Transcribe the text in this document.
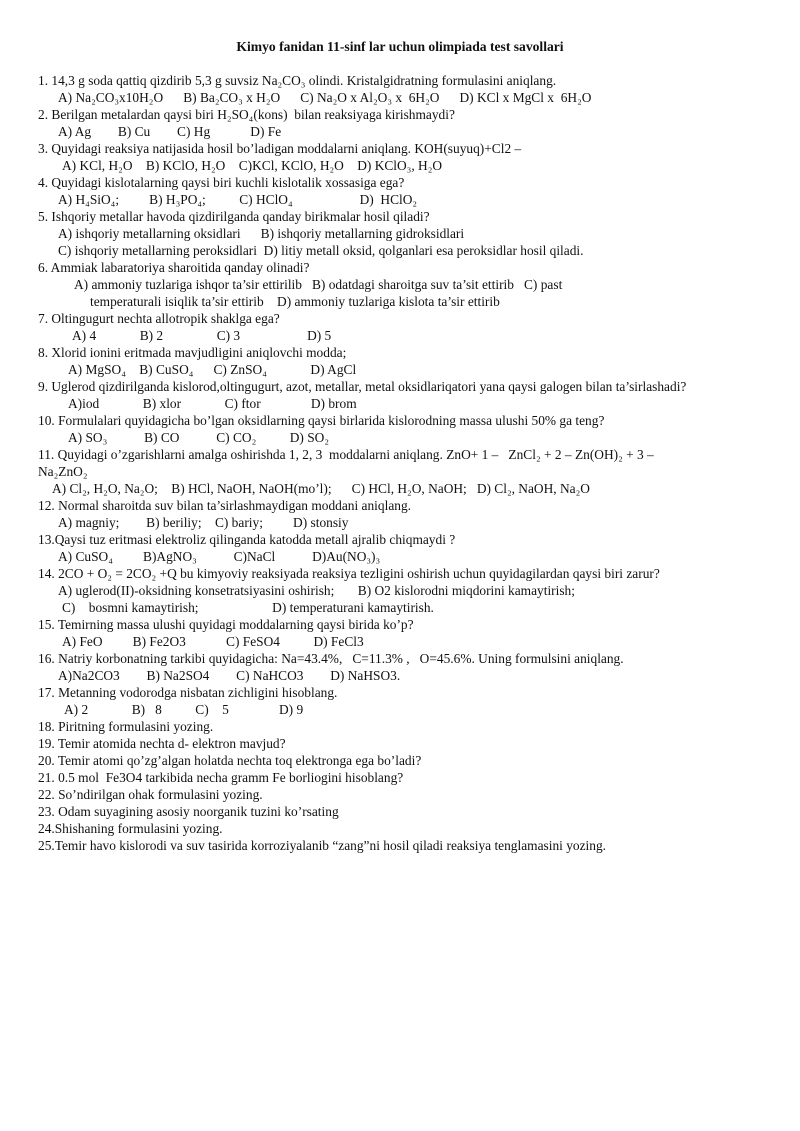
Kimyo fanidan 11-sinf lar uchun olimpiada test savollari
1. 14,3 g soda qattiq qizdirib 5,3 g suvsiz Na₂CO₃ olindi. Kristalgidratning formulasini aniqlang.
A) Na₂CO₃x10H₂O      B) Ba₂CO₃ x H₂O      C) Na₂O x Al₂O₃ x  6H₂O      D) KCl x MgCl x  6H₂O
2. Berilgan metalardan qaysi biri H₂SO₄(kons)  bilan reaksiyaga kirishmaydi?
A) Ag        B) Cu        C) Hg            D) Fe
3. Quyidagi reaksiya natijasida hosil bo’ladigan moddalarni aniqlang. KOH(suyuq)+Cl2 –
A) KCl, H₂O    B) KClO, H₂O    C)KCl, KClO, H₂O    D) KClO₃, H₂O
4. Quyidagi kislotalarning qaysi biri kuchli kislotalik xossasiga ega?
A) H₄SiO₄;         B) H₃PO₄;          C) HClO₄                    D)  HClO₂
5. Ishqoriy metallar havoda qizdirilganda qanday birikmalar hosil qiladi?
A) ishqoriy metallarning oksidlari      B) ishqoriy metallarning gidroksidlari
C) ishqoriy metallarning peroksidlari  D) litiy metall oksid, qolganlari esa peroksidlar hosil qiladi.
6. Ammiak labaratoriya sharoitida qanday olinadi?
A) ammoniy tuzlariga ishqor ta’sir ettirilib   B) odatdagi sharoitga suv ta’sit ettirib   C) past
temperaturali isiqlik ta’sir ettirib    D) ammoniy tuzlariga kislota ta’sir ettirib
7. Oltingugurt nechta allotropik shaklga ega?
A) 4             B) 2                C) 3                    D) 5
8. Xlorid ionini eritmada mavjudligini aniqlovchi modda;
A) MgSO₄    B) CuSO₄      C) ZnSO₄             D) AgCl
9. Uglerod qizdirilganda kislorod,oltingugurt, azot, metallar, metal oksidlariqatori yana qaysi galogen bilan ta’sirlashadi?
A)iod             B) xlor             C) ftor               D) brom
10. Formulalari quyidagicha bo’lgan oksidlarning qaysi birlarida kislorodning massa ulushi 50% ga teng?
A) SO₃           B) CO           C) CO₂          D) SO₂
11. Quyidagi o’zgarishlarni amalga oshirishda 1, 2, 3  moddalarni aniqlang. ZnO+ 1 –   ZnCl₂ + 2 – Zn(OH)₂ + 3 –
Na₂ZnO₂
A) Cl₂, H₂O, Na₂O;    B) HCl, NaOH, NaOH(mo’l);      C) HCl, H₂O, NaOH;   D) Cl₂, NaOH, Na₂O
12. Normal sharoitda suv bilan ta’sirlashmaydigan moddani aniqlang.
A) magniy;        B) beriliy;    C) bariy;         D) stonsiy
13.Qaysi tuz eritmasi elektroliz qilinganda katodda metall ajralib chiqmaydi ?
A) CuSO₄         B)AgNO₃           C)NaCl           D)Au(NO₃)₃
14. 2CO + O₂ = 2CO₂ +Q bu kimyoviy reaksiyada reaksiya tezligini oshirish uchun quyidagilardan qaysi biri zarur?
A) uglerod(II)-oksidning konsetratsiyasini oshirish;       B) O2 kislorodni miqdorini kamaytirish;
C)    bosmni kamaytirish;                      D) temperaturani kamaytirish.
15. Temirning massa ulushi quyidagi moddalarning qaysi birida ko’p?
A) FeO         B) Fe2O3            C) FeSO4          D) FeCl3
16. Natriy korbonatning tarkibi quyidagicha: Na=43.4%,   C=11.3% ,   O=45.6%. Uning formulsini aniqlang.
A)Na2CO3        B) Na2SO4        C) NaHCO3        D) NaHSO3.
17. Metanning vodorodga nisbatan zichligini hisoblang.
A) 2             B)   8          C)    5               D) 9
18. Piritning formulasini yozing.
19. Temir atomida nechta d- elektron mavjud?
20. Temir atomi qo’zg’algan holatda nechta toq elektronga ega bo’ladi?
21. 0.5 mol  Fe3O4 tarkibida necha gramm Fe borliogini hisoblang?
22. So’ndirilgan ohak formulasini yozing.
23. Odam suyagining asosiy noorganik tuzini ko’rsating
24.Shishaning formulasini yozing.
25.Temir havo kislorodi va suv tasirida korroziyalanib “zang”ni hosil qiladi reaksiya tenglamasini yozing.
